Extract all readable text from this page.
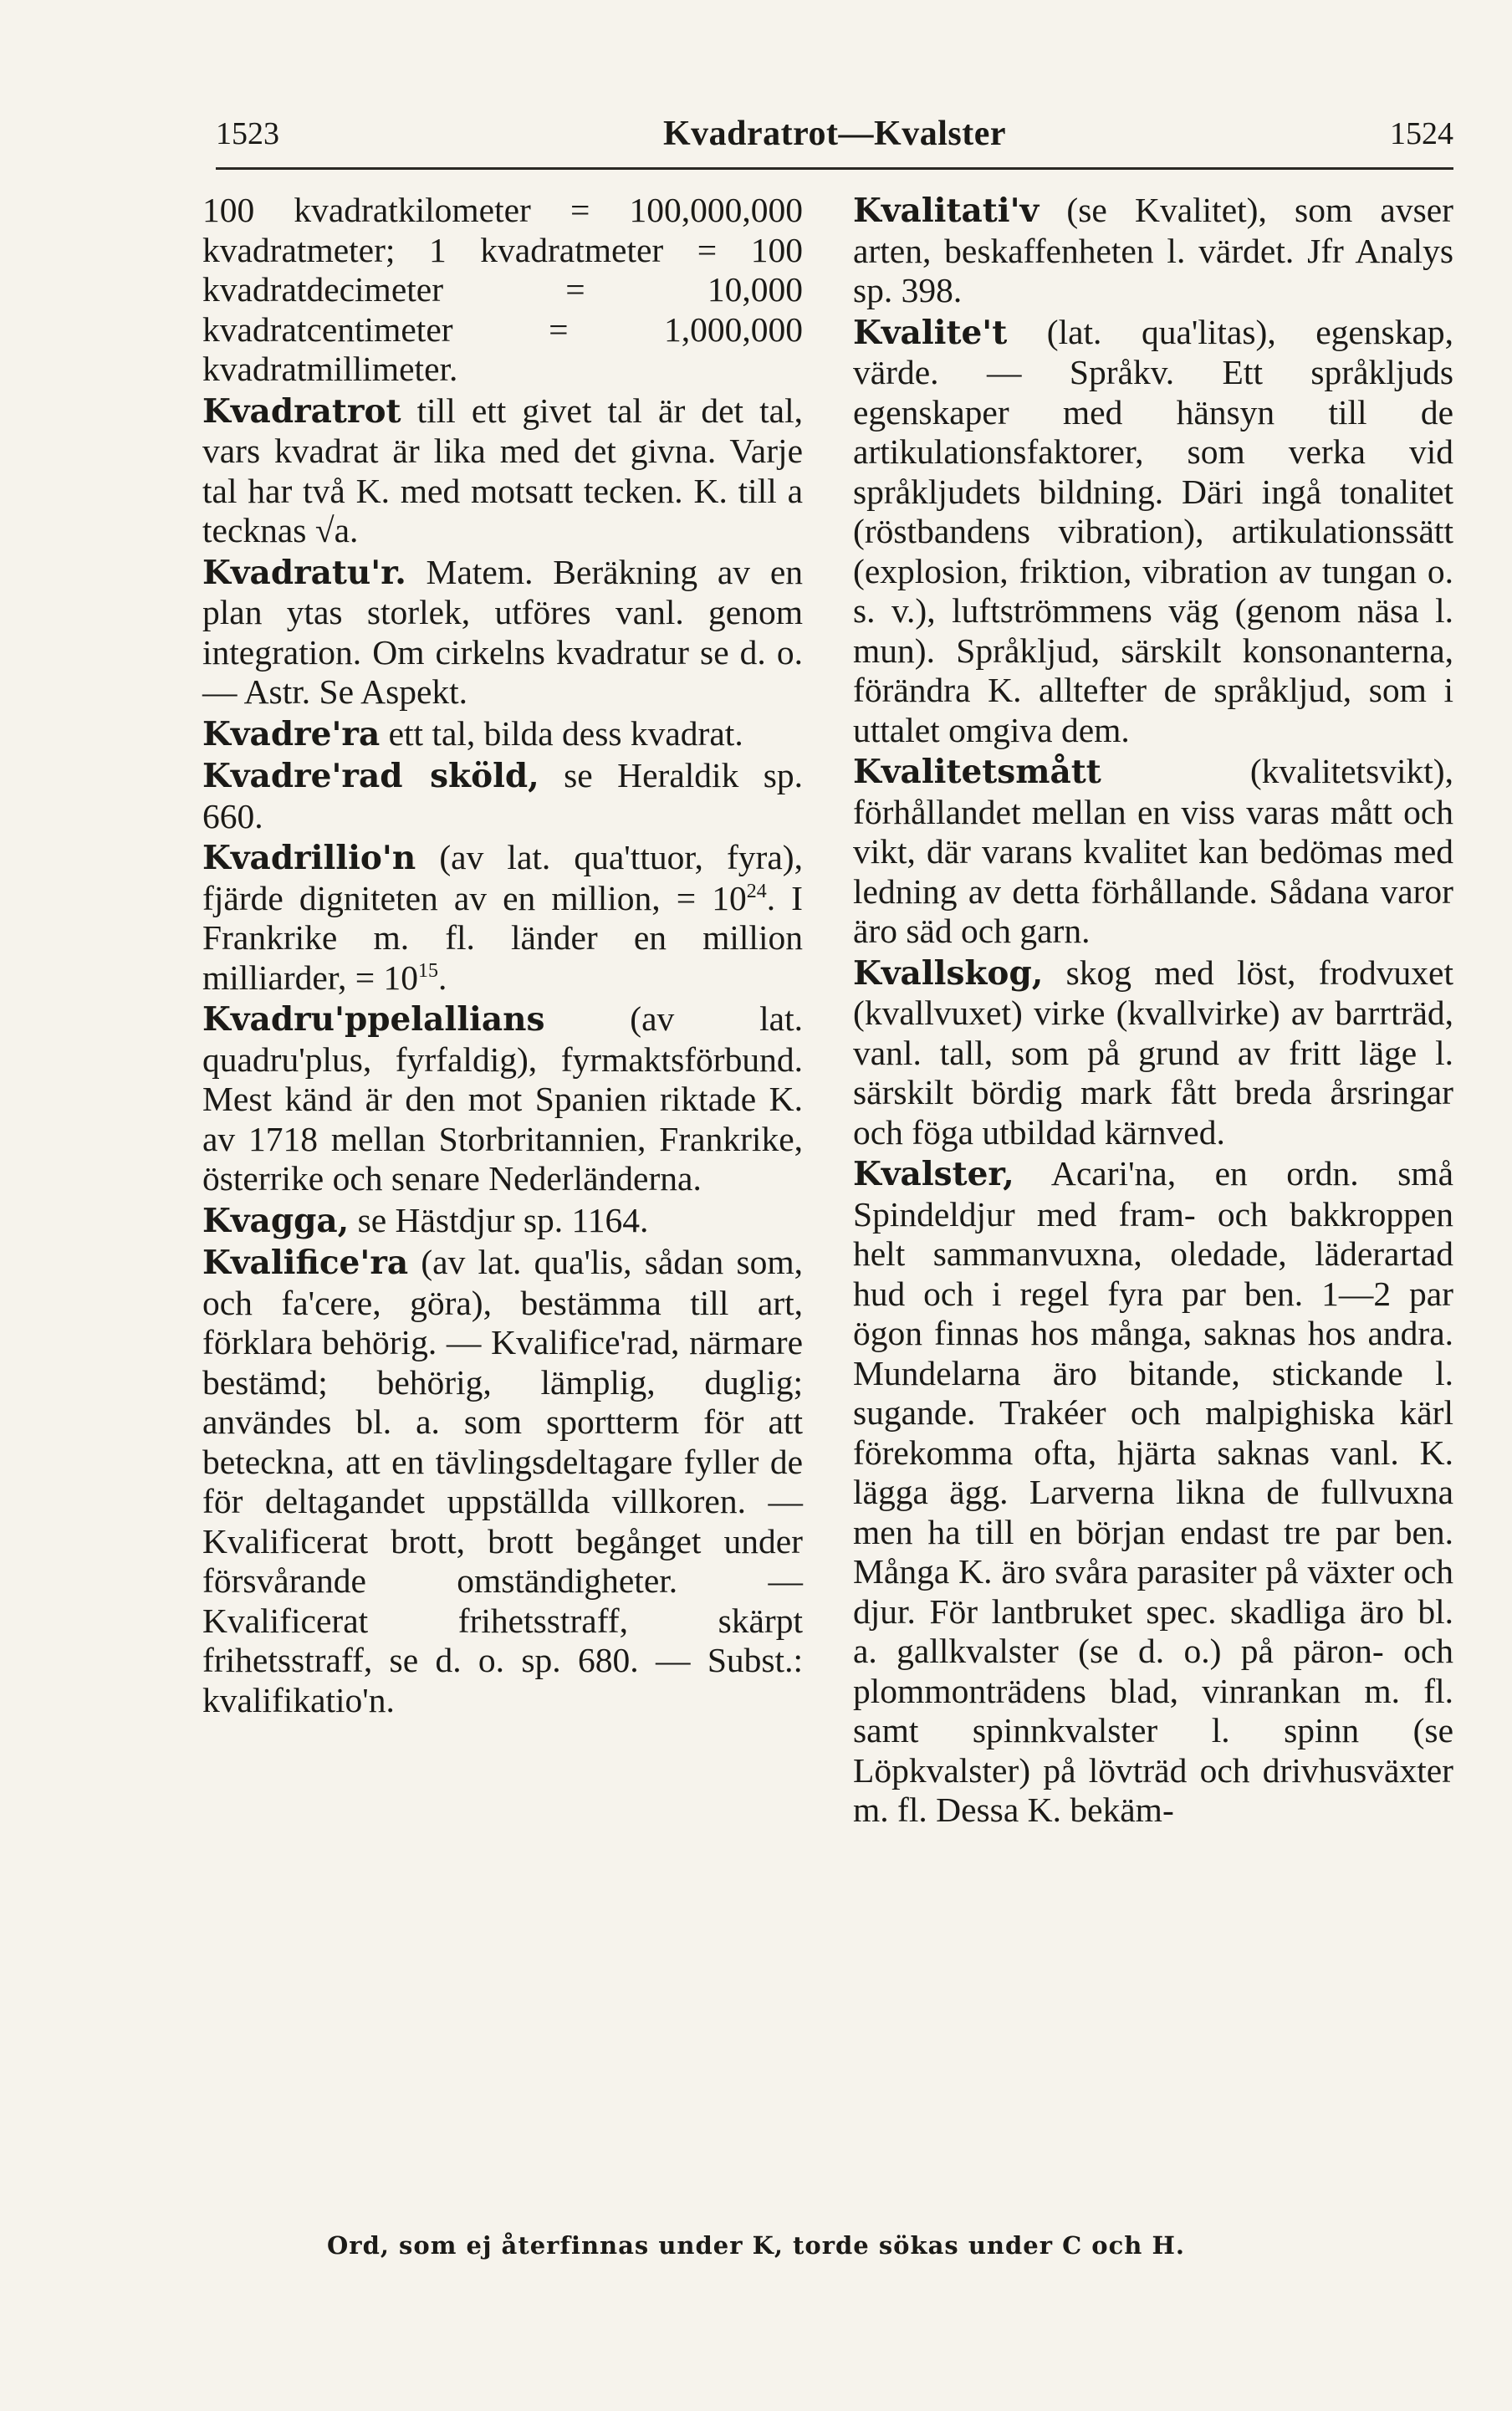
1523	Kvadratrot—Kvalster	1524

100 kvadratkilometer = 100,000,000 kvadratmeter; 1 kvadratmeter = 100 kvadratdecimeter = 10,000 kvadratcentimeter = 1,000,000 kvadratmillimeter.

Kvadratrot till ett givet tal är det tal, vars kvadrat är lika med det givna. Varje tal har två K. med motsatt tecken. K. till a tecknas √a.

Kvadratu'r. Matem. Beräkning av en plan ytas storlek, utföres vanl. genom integration. Om cirkelns kvadratur se d. o. — Astr. Se Aspekt.

Kvadre'ra ett tal, bilda dess kvadrat.

Kvadre'rad sköld, se Heraldik sp. 660.

Kvadrillio'n (av lat. qua'ttuor, fyra), fjärde digniteten av en million, = $10^{24}$. I Frankrike m. fl. länder en million milliarder, = $10^{15}$.

Kvadru'ppelallians (av lat. quadru'plus, fyrfaldig), fyrmaktsförbund. Mest känd är den mot Spanien riktade K. av 1718 mellan Storbritannien, Frankrike, österrike och senare Nederländerna.

Kvagga, se Hästdjur sp. 1164.

Kvalifice'ra (av lat. qua'lis, sådan som, och fa'cere, göra), bestämma till art, förklara behörig. — Kvalifice'rad, närmare bestämd; behörig, lämplig, duglig; användes bl. a. som sportterm för att beteckna, att en tävlingsdeltagare fyller de för deltagandet uppställda villkoren. — Kvalificerat brott, brott begånget under försvårande omständigheter. — Kvalificerat frihetsstraff, skärpt frihetsstraff, se d. o. sp. 680. — Subst.: kvalifikatio'n.

Kvalitati'v (se Kvalitet), som avser arten, beskaffenheten l. värdet. Jfr Analys sp. 398.

Kvalite't (lat. qua'litas), egenskap, värde. — Språkv. Ett språkljuds egenskaper med hänsyn till de artikulationsfaktorer, som verka vid språkljudets bildning. Däri ingå tonalitet (röstbandens vibration), artikulationssätt (explosion, friktion, vibration av tungan o. s. v.), luftströmmens väg (genom näsa l. mun). Språkljud, särskilt konsonanterna, förändra K. alltefter de språkljud, som i uttalet omgiva dem.

Kvalitetsmått (kvalitetsvikt), förhållandet mellan en viss varas mått och vikt, där varans kvalitet kan bedömas med ledning av detta förhållande. Sådana varor äro säd och garn.

Kvallskog, skog med löst, frodvuxet (kvallvuxet) virke (kvallvirke) av barrträd, vanl. tall, som på grund av fritt läge l. särskilt bördig mark fått breda årsringar och föga utbildad kärnved.

Kvalster, Acari'na, en ordn. små Spindeldjur med fram- och bakkroppen helt sammanvuxna, oledade, läderartad hud och i regel fyra par ben. 1—2 par ögon finnas hos många, saknas hos andra. Mundelarna äro bitande, stickande l. sugande. Trakéer och malpighiska kärl förekomma ofta, hjärta saknas vanl. K. lägga ägg. Larverna likna de fullvuxna men ha till en början endast tre par ben. Många K. äro svåra parasiter på växter och djur. För lantbruket spec. skadliga äro bl. a. gallkvalster (se d. o.) på päron- och plommonträdens blad, vinrankan m. fl. samt spinnkvalster l. spinn (se Löpkvalster) på lövträd och drivhusväxter m. fl. Dessa K. bekäm-

Ord, som ej återfinnas under K, torde sökas under C och H.
